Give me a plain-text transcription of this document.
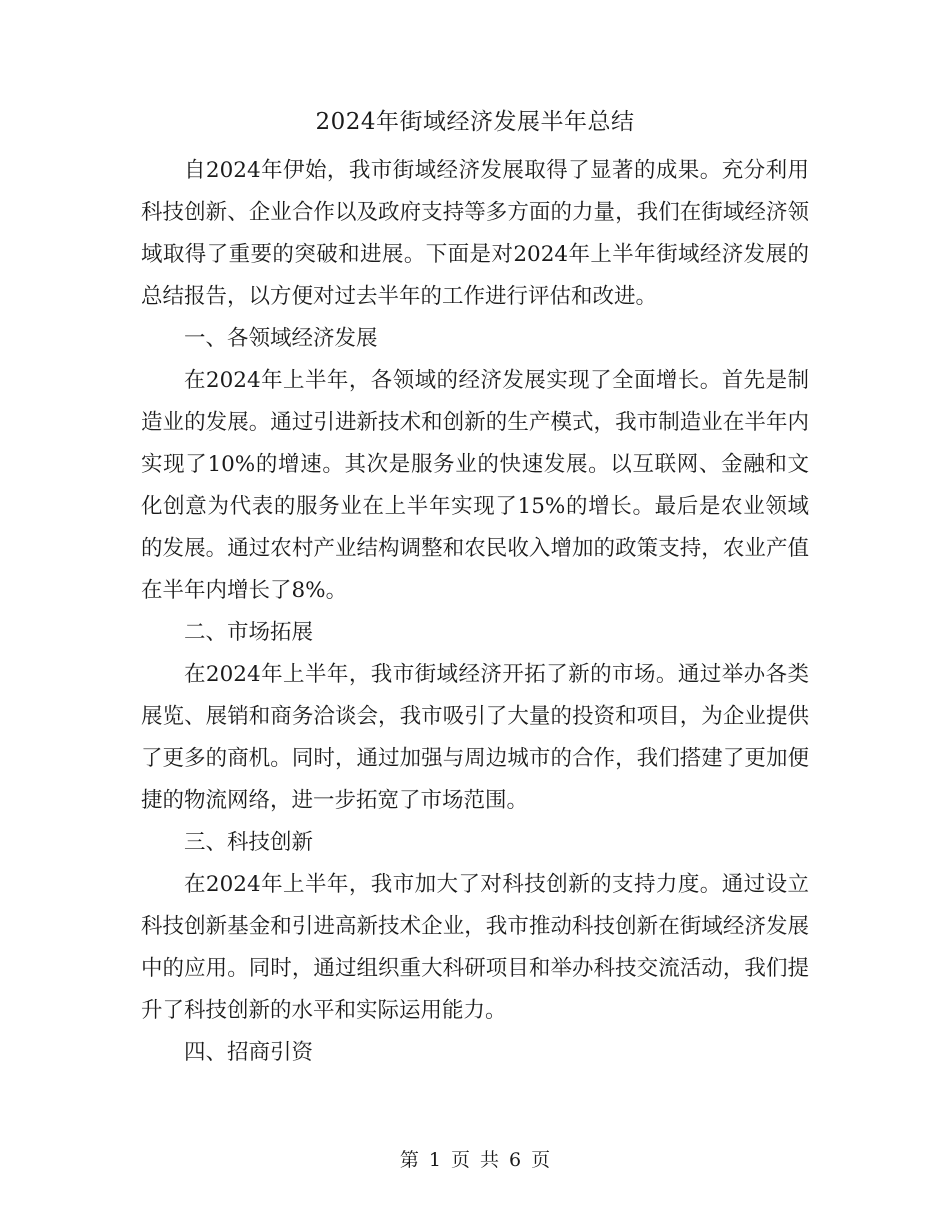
2024年街域经济发展半年总结

自2024年伊始，我市街域经济发展取得了显著的成果。充分利用科技创新、企业合作以及政府支持等多方面的力量，我们在街域经济领域取得了重要的突破和进展。下面是对2024年上半年街域经济发展的总结报告，以方便对过去半年的工作进行评估和改进。

一、各领域经济发展

在2024年上半年，各领域的经济发展实现了全面增长。首先是制造业的发展。通过引进新技术和创新的生产模式，我市制造业在半年内实现了10%的增速。其次是服务业的快速发展。以互联网、金融和文化创意为代表的服务业在上半年实现了15%的增长。最后是农业领域的发展。通过农村产业结构调整和农民收入增加的政策支持，农业产值在半年内增长了8%。

二、市场拓展

在2024年上半年，我市街域经济开拓了新的市场。通过举办各类展览、展销和商务洽谈会，我市吸引了大量的投资和项目，为企业提供了更多的商机。同时，通过加强与周边城市的合作，我们搭建了更加便捷的物流网络，进一步拓宽了市场范围。

三、科技创新

在2024年上半年，我市加大了对科技创新的支持力度。通过设立科技创新基金和引进高新技术企业，我市推动科技创新在街域经济发展中的应用。同时，通过组织重大科研项目和举办科技交流活动，我们提升了科技创新的水平和实际运用能力。

四、招商引资

第 1 页 共 6 页
